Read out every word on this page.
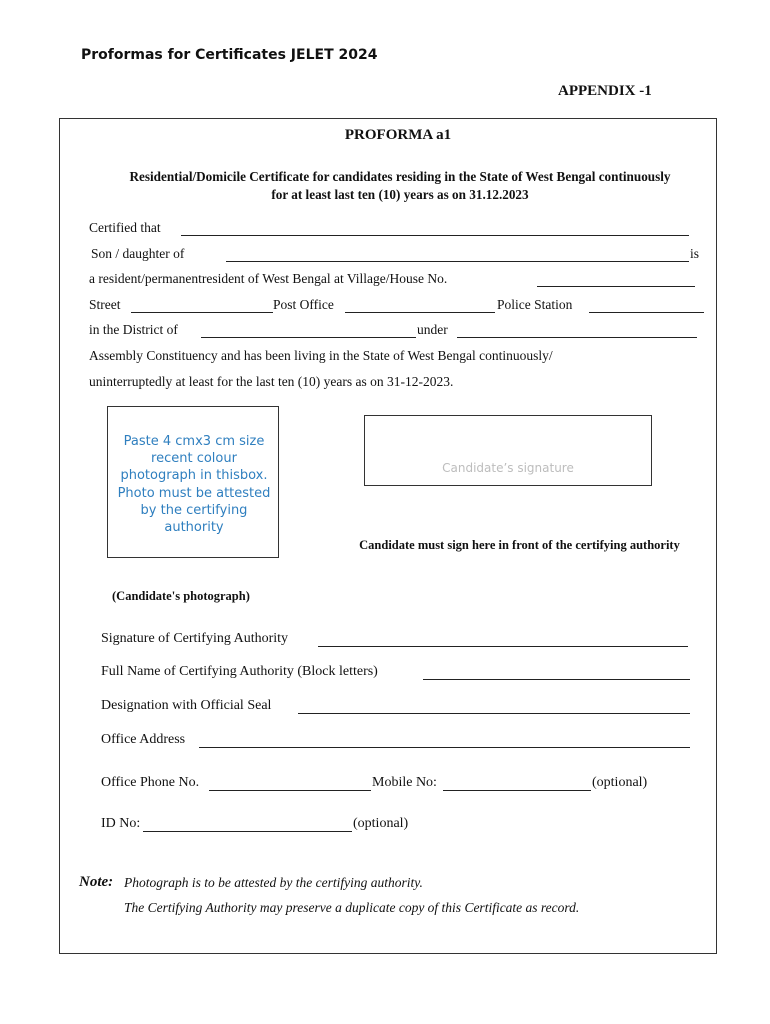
Proformas for Certificates JELET 2024
APPENDIX -1
PROFORMA a1
Residential/Domicile Certificate for candidates residing in the State of West Bengal continuously for at least last ten (10) years as on 31.12.2023
Certified that
Son / daughter of	is
a resident/permanentresident of West Bengal at Village/House No.
Street	Post Office	Police Station
in the District of	under
Assembly Constituency and has been living in the State of West Bengal continuously/
uninterruptedly at least for the last ten (10) years as on 31-12-2023.
Paste 4 cmx3 cm size recent colour photograph in thisbox. Photo must be attested by the certifying authority
Candidate’s signature
Candidate must sign here in front of the certifying authority
(Candidate's photograph)
Signature of Certifying Authority
Full Name of Certifying Authority (Block letters)
Designation with Official Seal
Office Address
Office Phone No.	Mobile No:	(optional)
ID No:	(optional)
Note: Photograph is to be attested by the certifying authority.
The Certifying Authority may preserve a duplicate copy of this Certificate as record.
